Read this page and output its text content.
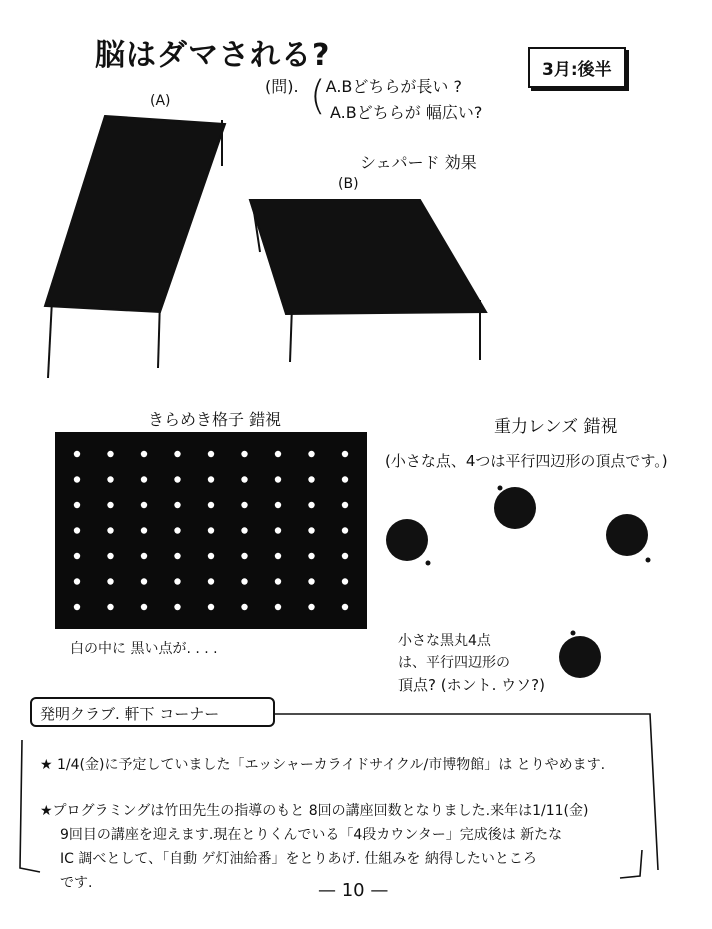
脳はダマされる?	3月:後半
(問). A.Bどちらが長い ?
( A.Bどちらが 幅広い?
(A)
シェパード 効果
(B)
きらめき格子 錯視
白の中に 黒い点が. . . .
重力レンズ 錯視
(小さな点、4つは平行四辺形の頂点です。)
小さな黒丸4点
は、平行四辺形の
頂点? (ホント. ウソ?)
発明クラブ. 軒下 コーナー
★ 1/4(金)に予定していました「エッシャーカライドサイクル/市博物館」は とりやめます.
★プログラミングは竹田先生の指導のもと 8回の講座回数となりました.来年は1/11(金)
9回目の講座を迎えます.現在とりくんでいる「4段カウンター」完成後は 新たな
IC 調べとして、「自動 ゲ灯油給番」をとりあげ. 仕組みを 納得したいところ
です.	— 10 —
